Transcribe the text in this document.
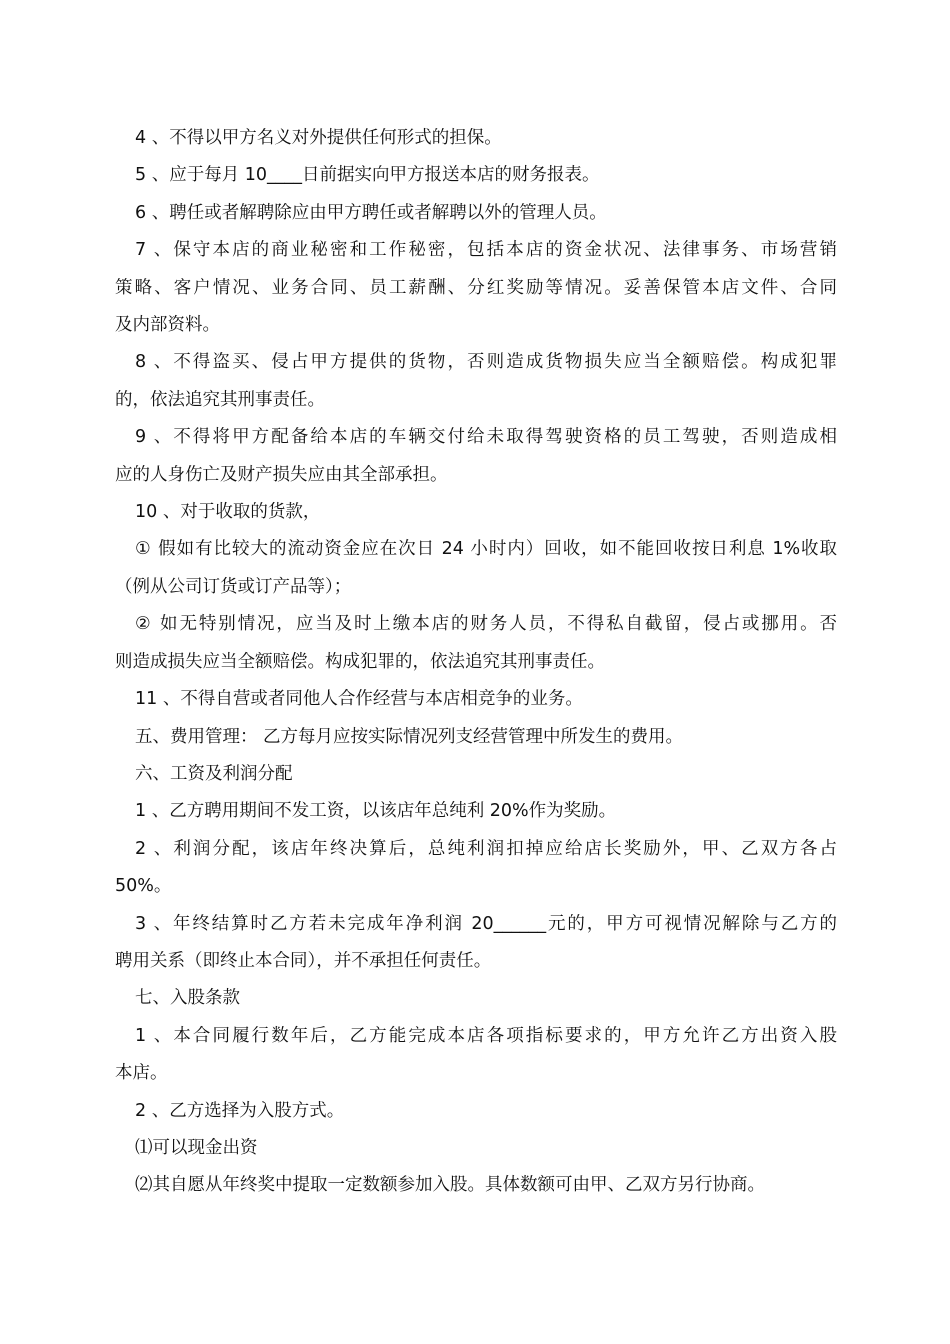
4 、不得以甲方名义对外提供任何形式的担保。
5 、应于每月 10____日前据实向甲方报送本店的财务报表。
6 、聘任或者解聘除应由甲方聘任或者解聘以外的管理人员。
7 、保守本店的商业秘密和工作秘密，包括本店的资金状况、法律事务、市场营销
策略、客户情况、业务合同、员工薪酬、分红奖励等情况。妥善保管本店文件、合同
及内部资料。
8 、不得盗买、侵占甲方提供的货物，否则造成货物损失应当全额赔偿。构成犯罪
的，依法追究其刑事责任。
9 、不得将甲方配备给本店的车辆交付给未取得驾驶资格的员工驾驶，否则造成相
应的人身伤亡及财产损失应由其全部承担。
10 、对于收取的货款，
① 假如有比较大的流动资金应在次日 24 小时内）回收，如不能回收按日利息 1%收取
（例从公司订货或订产品等）；
② 如无特别情况，应当及时上缴本店的财务人员，不得私自截留，侵占或挪用。否
则造成损失应当全额赔偿。构成犯罪的，依法追究其刑事责任。
11 、不得自营或者同他人合作经营与本店相竞争的业务。
五、费用管理： 乙方每月应按实际情况列支经营管理中所发生的费用。
六、工资及利润分配
1 、乙方聘用期间不发工资，以该店年总纯利 20%作为奖励。
2 、利润分配，该店年终决算后，总纯利润扣掉应给店长奖励外，甲、乙双方各占
50%。
3 、年终结算时乙方若未完成年净利润 20______元的，甲方可视情况解除与乙方的
聘用关系（即终止本合同），并不承担任何责任。
七、入股条款
1 、本合同履行数年后，乙方能完成本店各项指标要求的，甲方允许乙方出资入股
本店。
2 、乙方选择为入股方式。
⑴可以现金出资
⑵其自愿从年终奖中提取一定数额参加入股。具体数额可由甲、乙双方另行协商。
